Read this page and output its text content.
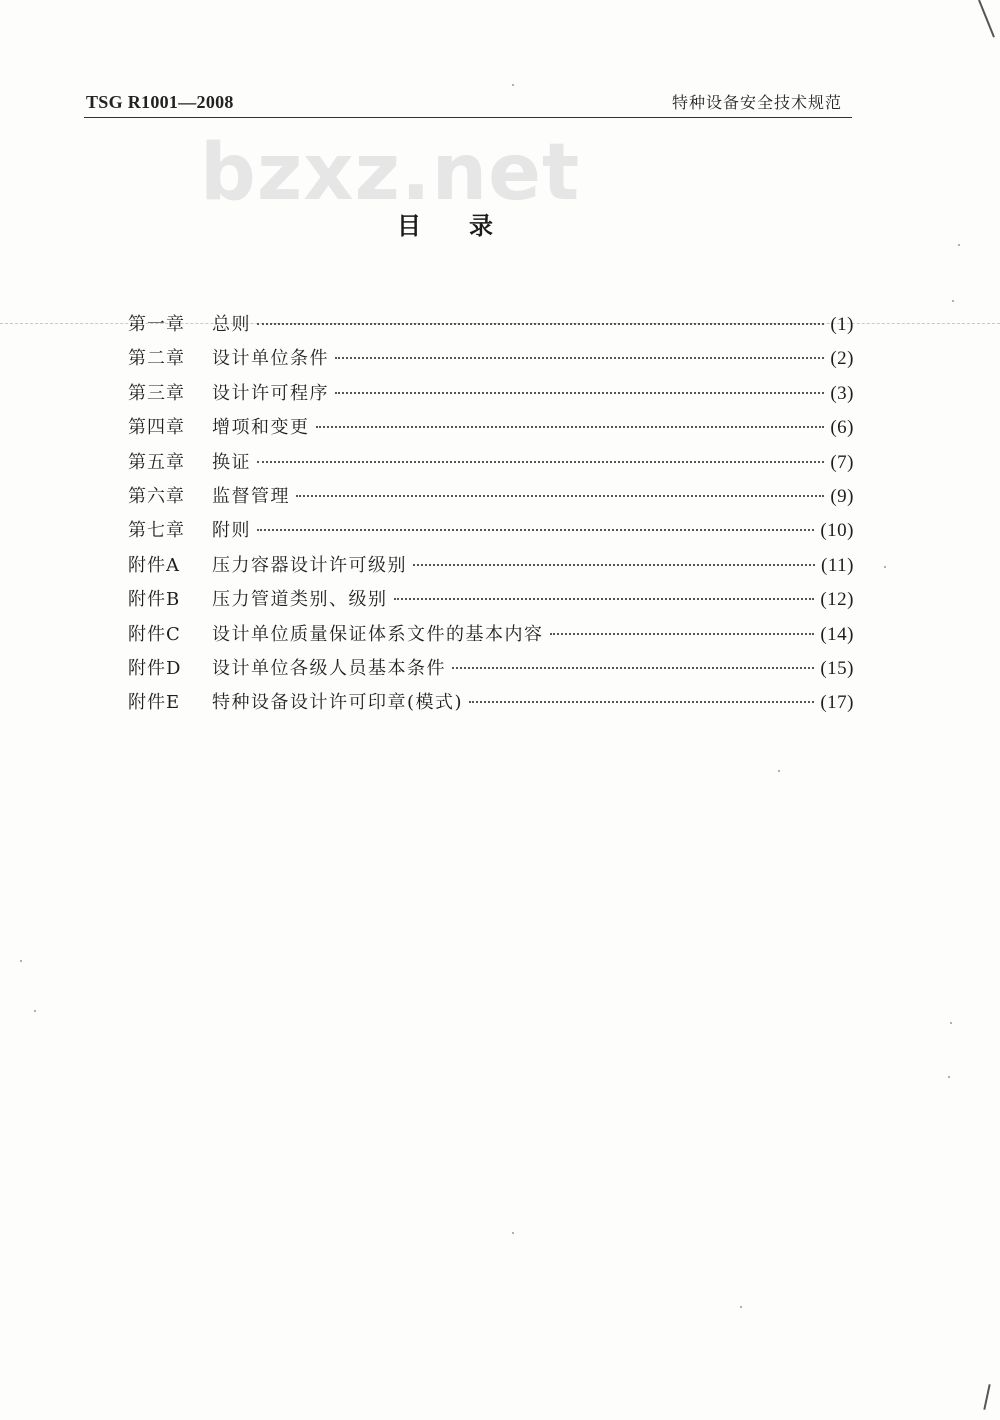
TSG R1001—2008	特种设备安全技术规范
bzxz.net
目录
第一章	总则	(1)
第二章	设计单位条件	(2)
第三章	设计许可程序	(3)
第四章	增项和变更	(6)
第五章	换证	(7)
第六章	监督管理	(9)
第七章	附则	(10)
附件A	压力容器设计许可级别	(11)
附件B	压力管道类别、级别	(12)
附件C	设计单位质量保证体系文件的基本内容	(14)
附件D	设计单位各级人员基本条件	(15)
附件E	特种设备设计许可印章(模式)	(17)
